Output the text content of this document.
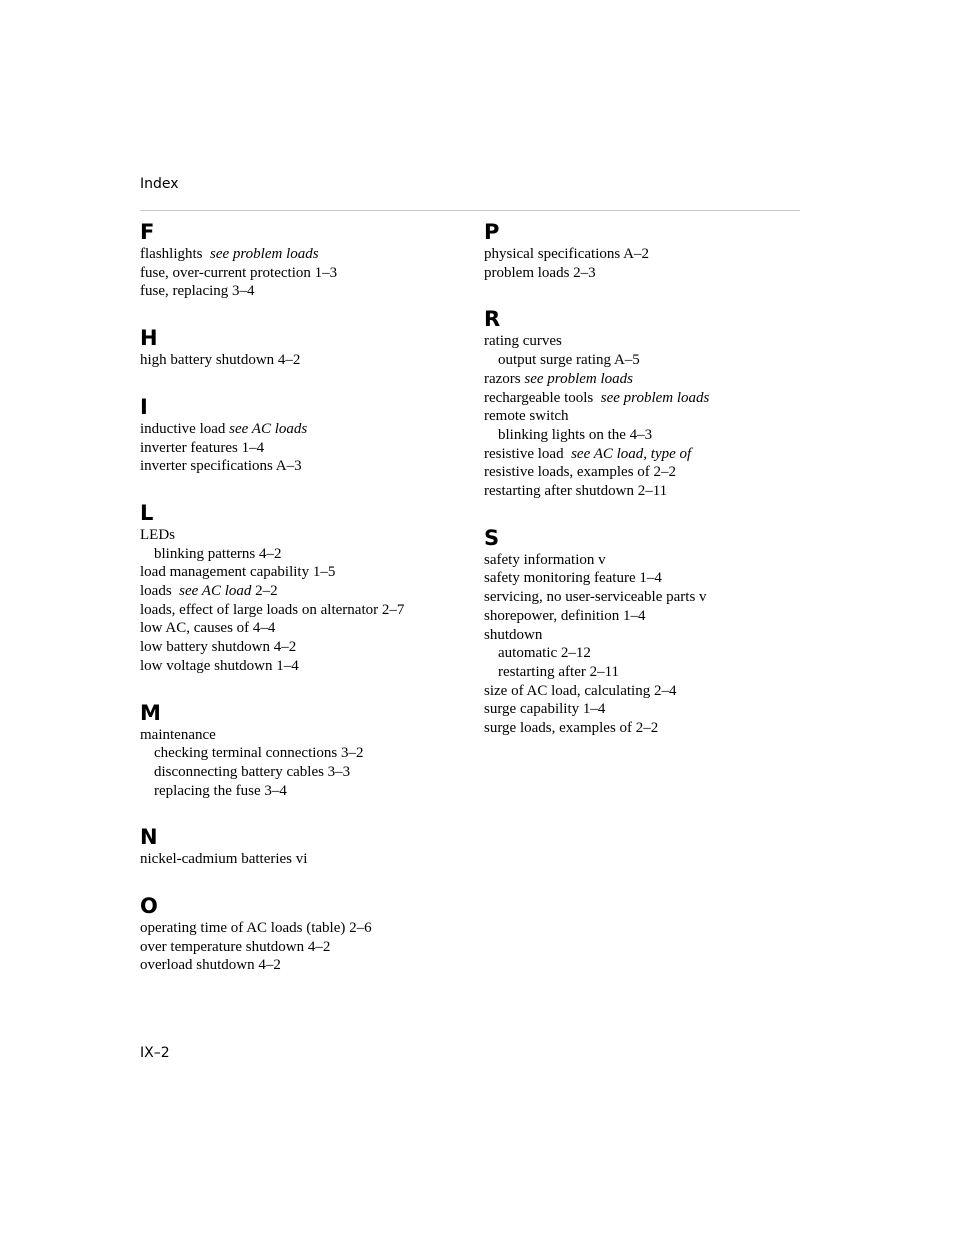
Index
F
flashlights  see problem loads
fuse, over-current protection 1–3
fuse, replacing 3–4
H
high battery shutdown 4–2
I
inductive load see AC loads
inverter features 1–4
inverter specifications A–3
L
LEDs
blinking patterns 4–2
load management capability 1–5
loads  see AC load 2–2
loads, effect of large loads on alternator 2–7
low AC, causes of 4–4
low battery shutdown 4–2
low voltage shutdown 1–4
M
maintenance
checking terminal connections 3–2
disconnecting battery cables 3–3
replacing the fuse 3–4
N
nickel-cadmium batteries vi
O
operating time of AC loads (table) 2–6
over temperature shutdown 4–2
overload shutdown 4–2
P
physical specifications A–2
problem loads 2–3
R
rating curves
output surge rating A–5
razors see problem loads
rechargeable tools  see problem loads
remote switch
blinking lights on the 4–3
resistive load  see AC load, type of
resistive loads, examples of 2–2
restarting after shutdown 2–11
S
safety information v
safety monitoring feature 1–4
servicing, no user-serviceable parts v
shorepower, definition 1–4
shutdown
automatic 2–12
restarting after 2–11
size of AC load, calculating 2–4
surge capability 1–4
surge loads, examples of 2–2
IX–2
